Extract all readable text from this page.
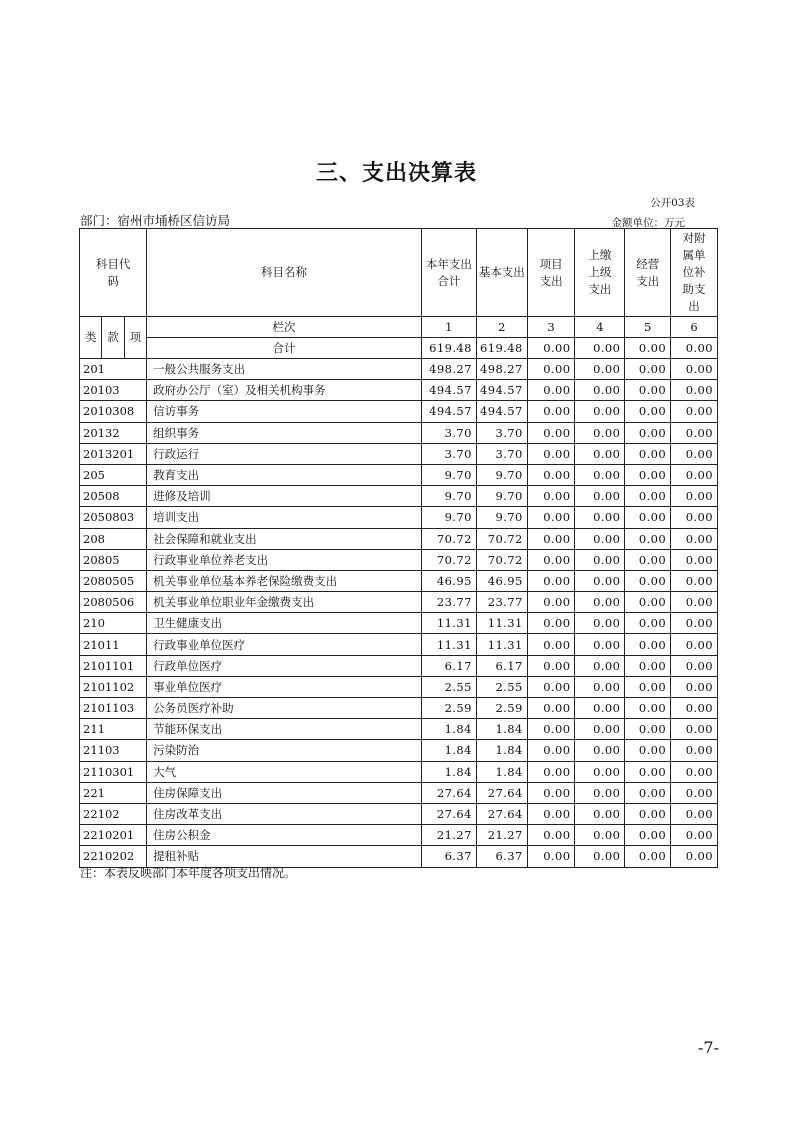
三、支出决算表
公开03表
部门：宿州市埇桥区信访局	金额单位：万元
科目代码			科目名称	本年支出合计	基本支出	项目支出	上缴上级支出	经营支出	对附属单位补助支出

类	款	项	栏次	1	2	3	4	5	6
			合计	619.48	619.48	0.00	0.00	0.00	0.00
201			一般公共服务支出	498.27	498.27	0.00	0.00	0.00	0.00
20103			政府办公厅（室）及相关机构事务	494.57	494.57	0.00	0.00	0.00	0.00
2010308			信访事务	494.57	494.57	0.00	0.00	0.00	0.00
20132			组织事务	3.70	3.70	0.00	0.00	0.00	0.00
2013201			行政运行	3.70	3.70	0.00	0.00	0.00	0.00
205			教育支出	9.70	9.70	0.00	0.00	0.00	0.00
20508			进修及培训	9.70	9.70	0.00	0.00	0.00	0.00
2050803			培训支出	9.70	9.70	0.00	0.00	0.00	0.00
208			社会保障和就业支出	70.72	70.72	0.00	0.00	0.00	0.00
20805			行政事业单位养老支出	70.72	70.72	0.00	0.00	0.00	0.00
2080505			机关事业单位基本养老保险缴费支出	46.95	46.95	0.00	0.00	0.00	0.00
2080506			机关事业单位职业年金缴费支出	23.77	23.77	0.00	0.00	0.00	0.00
210			卫生健康支出	11.31	11.31	0.00	0.00	0.00	0.00
21011			行政事业单位医疗	11.31	11.31	0.00	0.00	0.00	0.00
2101101			行政单位医疗	6.17	6.17	0.00	0.00	0.00	0.00
2101102			事业单位医疗	2.55	2.55	0.00	0.00	0.00	0.00
2101103			公务员医疗补助	2.59	2.59	0.00	0.00	0.00	0.00
211			节能环保支出	1.84	1.84	0.00	0.00	0.00	0.00
21103			污染防治	1.84	1.84	0.00	0.00	0.00	0.00
2110301			大气	1.84	1.84	0.00	0.00	0.00	0.00
221			住房保障支出	27.64	27.64	0.00	0.00	0.00	0.00
22102			住房改革支出	27.64	27.64	0.00	0.00	0.00	0.00
2210201			住房公积金	21.27	21.27	0.00	0.00	0.00	0.00
2210202			提租补贴	6.37	6.37	0.00	0.00	0.00	0.00
注：本表反映部门本年度各项支出情况。
-7-
